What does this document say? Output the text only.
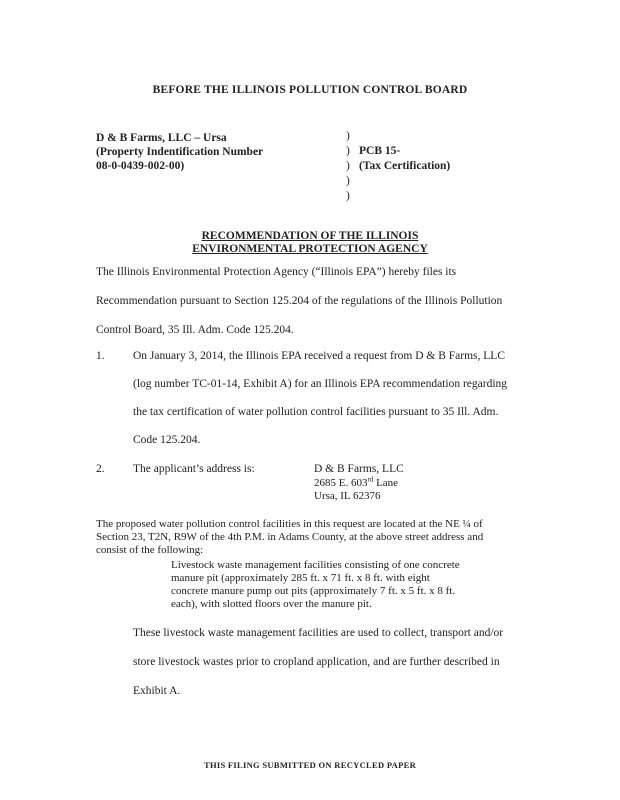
BEFORE THE ILLINOIS POLLUTION CONTROL BOARD
D & B Farms, LLC – Ursa
(Property Indentification Number
08-0-0439-002-00)
)
)
)
)
)
PCB 15-
(Tax Certification)
RECOMMENDATION OF THE ILLINOIS
ENVIRONMENTAL PROTECTION AGENCY
The Illinois Environmental Protection Agency (“Illinois EPA”) hereby files its
Recommendation pursuant to Section 125.204 of the regulations of the Illinois Pollution
Control Board, 35 Ill. Adm. Code 125.204.
1. On January 3, 2014, the Illinois EPA received a request from D & B Farms, LLC
(log number TC-01-14, Exhibit A) for an Illinois EPA recommendation regarding
the tax certification of water pollution control facilities pursuant to 35 Ill. Adm.
Code 125.204.
2. The applicant’s address is:	D & B Farms, LLC
2685 E. 603rd Lane
Ursa, IL 62376
The proposed water pollution control facilities in this request are located at the NE ¼ of
Section 23, T2N, R9W of the 4th P.M. in Adams County, at the above street address and
consist of the following:
Livestock waste management facilities consisting of one concrete
manure pit (approximately 285 ft. x 71 ft. x 8 ft. with eight
concrete manure pump out pits (approximately 7 ft. x 5 ft. x 8 ft.
each), with slotted floors over the manure pit.
These livestock waste management facilities are used to collect, transport and/or
store livestock wastes prior to cropland application, and are further described in
Exhibit A.
THIS FILING SUBMITTED ON RECYCLED PAPER
